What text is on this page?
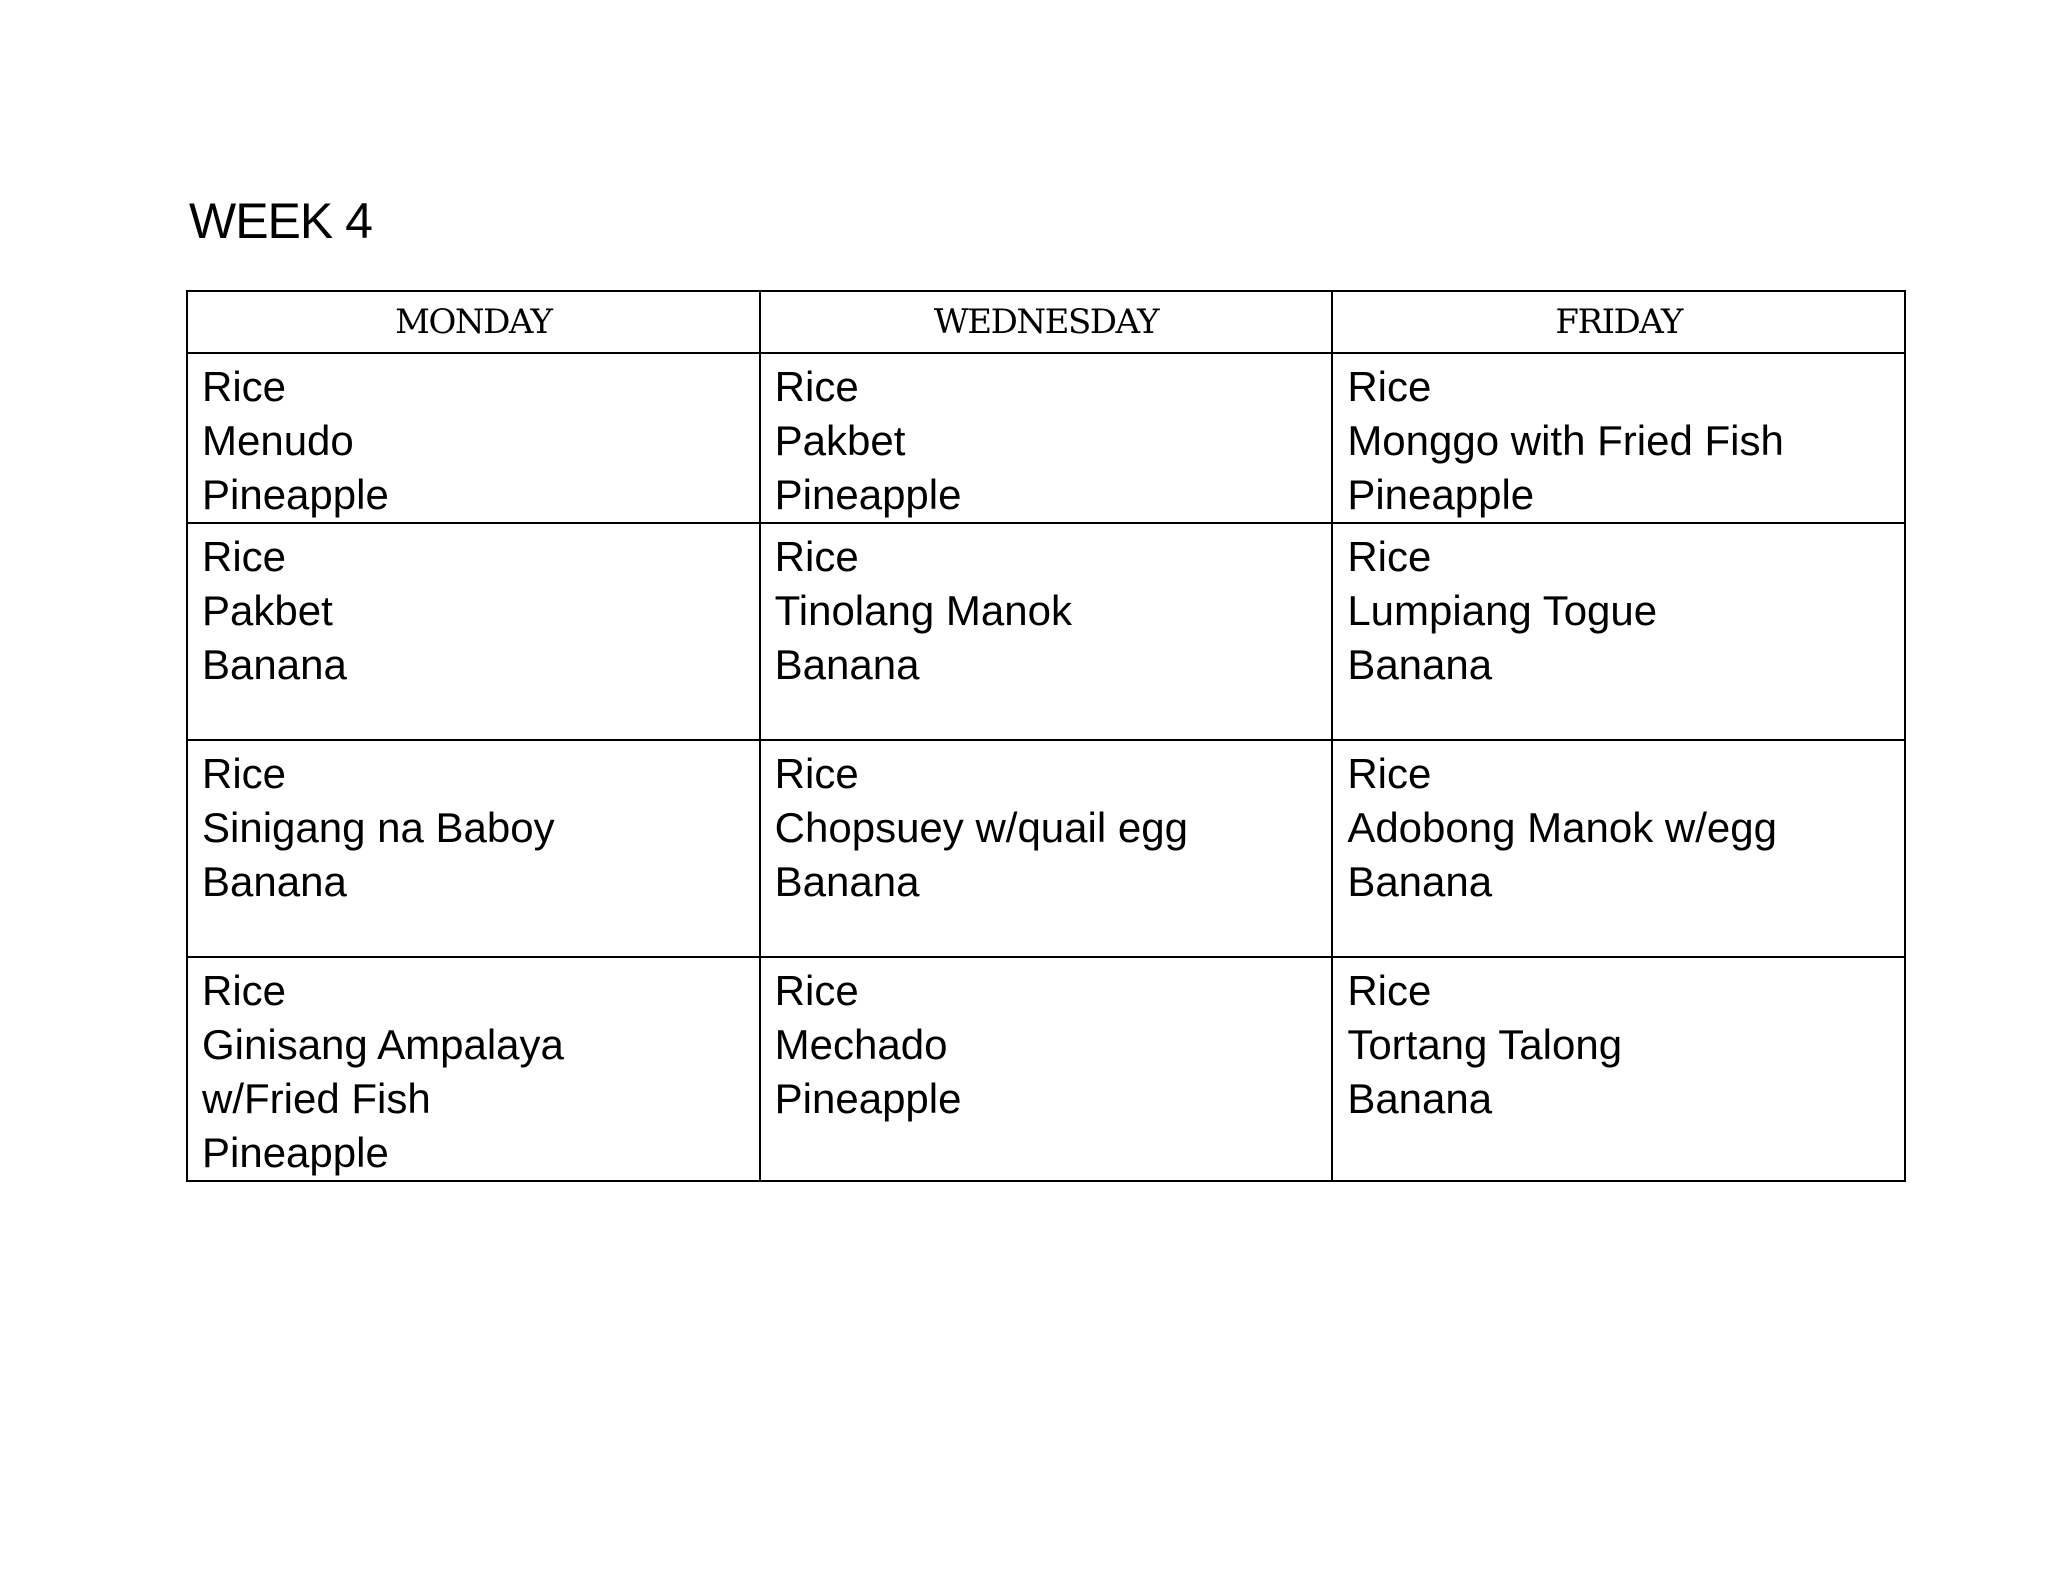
WEEK 4
MONDAY	WEDNESDAY	FRIDAY

Rice
Menudo
Pineapple	Rice
Pakbet
Pineapple	Rice
Monggo with Fried Fish
Pineapple

Rice
Pakbet
Banana	Rice
Tinolang Manok
Banana	Rice
Lumpiang Togue
Banana

Rice
Sinigang na Baboy
Banana	Rice
Chopsuey w/quail egg
Banana	Rice
Adobong Manok w/egg
Banana

Rice
Ginisang Ampalaya
w/Fried Fish
Pineapple	Rice
Mechado
Pineapple	Rice
Tortang Talong
Banana
